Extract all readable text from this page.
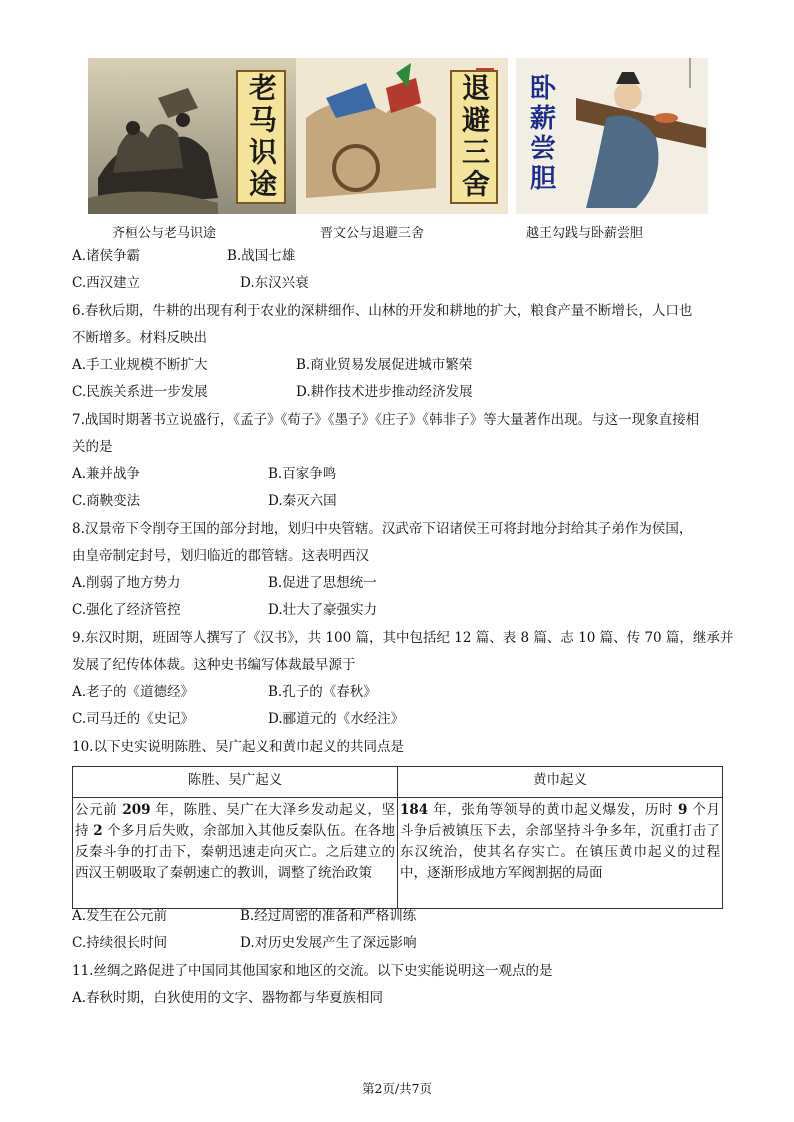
老马识途	退避三舍 卧薪尝胆
齐桓公与老马识途	晋文公与退避三舍	越王勾践与卧薪尝胆
A.诸侯争霸	B.战国七雄
C.西汉建立	D.东汉兴衰
6.春秋后期，牛耕的出现有利于农业的深耕细作、山林的开发和耕地的扩大，粮食产量不断增长，人口也
不断增多。材料反映出
A.手工业规模不断扩大	B.商业贸易发展促进城市繁荣
C.民族关系进一步发展	D.耕作技术进步推动经济发展
7.战国时期著书立说盛行，《孟子》《荀子》《墨子》《庄子》《韩非子》等大量著作出现。与这一现象直接相
关的是
A.兼并战争	B.百家争鸣
C.商鞅变法	D.秦灭六国
8.汉景帝下令削夺王国的部分封地，划归中央管辖。汉武帝下诏诸侯王可将封地分封给其子弟作为侯国，
由皇帝制定封号，划归临近的郡管辖。这表明西汉
A.削弱了地方势力	B.促进了思想统一
C.强化了经济管控	D.壮大了豪强实力
9.东汉时期，班固等人撰写了《汉书》，共 100 篇，其中包括纪 12 篇、表 8 篇、志 10 篇、传 70 篇，继承并
发展了纪传体体裁。这种史书编写体裁最早源于
A.老子的《道德经》	B.孔子的《春秋》
C.司马迁的《史记》	D.郦道元的《水经注》
10.以下史实说明陈胜、吴广起义和黄巾起义的共同点是
陈胜、吴广起义	黄巾起义
公元前 209 年，陈胜、吴广在大泽乡发动起义，坚持 2 个多月后失败，余部加入其他反秦队伍。在各地反秦斗争的打击下，秦朝迅速走向灭亡。之后建立的西汉王朝吸取了秦朝速亡的教训，调整了统治政策	184 年，张角等领导的黄巾起义爆发，历时 9 个月斗争后被镇压下去，余部坚持斗争多年，沉重打击了东汉统治，使其名存实亡。在镇压黄巾起义的过程中，逐渐形成地方军阀割据的局面
A.发生在公元前	B.经过周密的准备和严格训练
C.持续很长时间	D.对历史发展产生了深远影响
11.丝绸之路促进了中国同其他国家和地区的交流。以下史实能说明这一观点的是
A.春秋时期，白狄使用的文字、器物都与华夏族相同
第2页/共7页
